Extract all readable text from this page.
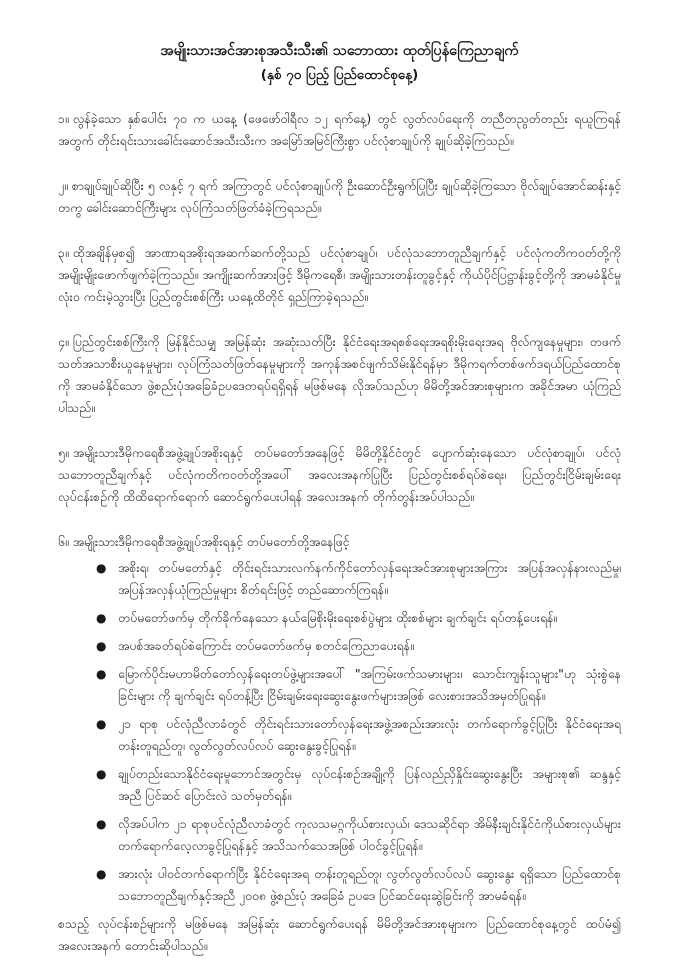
အမျိုးသားအင်အားစုအသီးသီး၏ သဘောထား ထုတ်ပြန်ကြေညာချက်
(နှစ် ၇၀ ပြည့် ပြည်ထောင်စုနေ့)

၁။ လွန်ခဲ့သော နှစ်ပေါင်း ၇၀ က ယနေ့ (ဖေဖော်ဝါရီလ ၁၂ ရက်နေ့) တွင် လွတ်လပ်ရေးကို တညီတညွတ်တည်း ရယူကြရန်အတွက် တိုင်းရင်းသားခေါင်းဆောင်အသီးသီးက အမြော်အမြင်ကြီးစွာ ပင်လုံစာချုပ်ကို ချုပ်ဆိုခဲ့ကြသည်။

၂။ စာချုပ်ချုပ်ဆိုပြီး ၅ လနှင့် ၇ ရက် အကြာတွင် ပင်လုံစာချုပ်ကို ဦးဆောင်ဦးရွက်ပြုပြီး ချုပ်ဆိုခဲ့ကြသော ဗိုလ်ချုပ်အောင်ဆန်းနှင့်တကွ ခေါင်းဆောင်ကြီးများ လုပ်ကြံသတ်ဖြတ်ခံခဲ့ကြရသည်။

၃။ ထိုအချိန်မှစ၍ အာဏာရအစိုးရအဆက်ဆက်တို့သည် ပင်လုံစာချုပ်၊ ပင်လုံသဘောတူညီချက်နှင့် ပင်လုံကတိကဝတ်တို့ကို အမျိုးမျိုးဖောက်ဖျက်ခဲ့ကြသည်။ အကျိုးဆက်အားဖြင့် ဒီမိုကရေစီ၊ အမျိုးသားတန်းတူခွင့်နှင့် ကိုယ်ပိုင်ပြဋ္ဌာန်းခွင့်တို့ကို အာမခံနိုင်မှု လုံး၀ ကင်းမဲ့သွားပြီး ပြည်တွင်းစစ်ကြီး ယနေ့ထိတိုင် ရှည်ကြာခဲ့ရသည်။

၄။ ပြည်တွင်းစစ်ကြီးကို မြန်နိုင်သမျှ အမြန်ဆုံး အဆုံးသတ်ပြီး နိုင်ငံရေးအရစစ်ရေးအရစိုးမိုးရေးအရ ဗိုလ်ကျနေမှုများ၊ တဖက်သတ်အသာစီးယူနေမှုများ၊ လုပ်ကြံသတ်ဖြတ်နေမှုများကို အကုန်အစင်ဖျက်သိမ်းနိုင်ရန်မှာ ဒီမိုကရက်တစ်ဖက်ဒရယ်ပြည်ထောင်စုကို အာမခံနိုင်သော ဖွဲ့စည်းပုံအခြေခံဥပဒေတရပ်ရရှိရန် မဖြစ်မနေ လိုအပ်သည်ဟု မိမိတို့အင်အားစုများက အခိုင်အမာ ယုံကြည်ပါသည်။

၅။ အမျိုးသားဒီမိုကရေစီအဖွဲ့ချုပ်အစိုးရနှင့် တပ်မတော်အနေဖြင့် မိမိတို့နိုင်ငံတွင် ပျောက်ဆုံးနေသော ပင်လုံစာချုပ်၊ ပင်လုံသဘောတူညီချက်နှင့် ပင်လုံကတိကဝတ်တို့အပေါ် အလေးအနက်ပြုပြီး ပြည်တွင်းစစ်ရပ်စဲရေး၊ ပြည်တွင်းငြိမ်းချမ်းရေး လုပ်ငန်းစဉ်ကို ထိထိရောက်ရောက် ဆောင်ရွက်ပေးပါရန် အလေးအနက် တိုက်တွန်းအပ်ပါသည်။

၆။ အမျိုးသားဒီမိုကရေစီအဖွဲ့ချုပ်အစိုးရနှင့် တပ်မတော်တို့အနေဖြင့်
● အစိုးရ၊ တပ်မတော်နှင့် တိုင်းရင်းသားလက်နက်ကိုင်တော်လှန်ရေးအင်အားစုများအကြား အပြန်အလှန်နားလည်မှု၊ အပြန်အလှန်ယုံကြည်မှုများ စိတ်ရင်းဖြင့် တည်ဆောက်ကြရန်။
● တပ်မတော်ဖက်မှ တိုက်ခိုက်နေသော နယ်မြေစိုးမိုးရေးစစ်ပွဲများ ထိုးစစ်များ ချက်ချင်း ရပ်တန့်ပေးရန်။
● အပစ်အခတ်ရပ်စဲကြောင်း တပ်မတော်ဖက်မှ စတင်ကြေညာပေးရန်။
● မြောက်ပိုင်းမဟာမိတ်တော်လှန်ရေးတပ်ဖွဲ့များအပေါ် "အကြမ်းဖက်သမားများ၊ သောင်းကျန်းသူများ"ဟု သုံးစွဲနေခြင်းများ ကို ချက်ချင်း ရပ်တန့်ပြီး ငြိမ်းချမ်းရေးဆွေးနွေးဖက်များအဖြစ် လေးစားအသိအမှတ်ပြုရန်။
● ၂၁ ရာစု ပင်လုံညီလာခံတွင် တိုင်းရင်းသားတော်လှန်ရေးအဖွဲ့အစည်းအားလုံး တက်ရောက်ခွင့်ပြုပြီး နိုင်ငံရေးအရ တန်းတူရည်တူ၊ လွတ်လွတ်လပ်လပ် ဆွေးနွေးခွင့်ပြုရန်။
● ချုပ်တည်းသောနိုင်ငံရေးမူဘောင်အတွင်းမှ လုပ်ငန်းစဉ်အချို့ကို ပြန်လည်ညှိနှိုင်းဆွေးနွေးပြီး အများစု၏ ဆန္ဒနှင့် အညီ ပြင်ဆင် ပြောင်းလဲ သတ်မှတ်ရန်။
● လိုအပ်ပါက ၂၁ ရာစုပင်လုံညီလာခံတွင် ကုလသမဂ္ဂကိုယ်စားလှယ်၊ ဒေသဆိုင်ရာ အိမ်နီးချင်းနိုင်ငံကိုယ်စားလှယ်များ တက်ရောက်လေ့လာခွင့်ပြုရန်နှင့် အသိသက်သေအဖြစ် ပါဝင်ခွင့်ပြုရန်။
● အားလုံး ပါဝင်တက်ရောက်ပြီး နိုင်ငံရေးအရ တန်းတူရည်တူ၊ လွတ်လွတ်လပ်လပ် ဆွေးနွေး ရရှိသော ပြည်ထောင်စုသဘောတူညီချက်နှင့်အညီ ၂၀၀၈ ဖွဲ့စည်းပုံ အခြေခံ ဥပဒေ ပြင်ဆင်ရေးဆွဲခြင်းကို အာမခံရန်။

စသည့် လုပ်ငန်းစဉ်များကို မဖြစ်မနေ အမြန်ဆုံး ဆောင်ရွက်ပေးရန် မိမိတို့အင်အားစုများက ပြည်ထောင်စုနေ့တွင် ထပ်မံ၍ အလေးအနက် တောင်းဆိုပါသည်။
